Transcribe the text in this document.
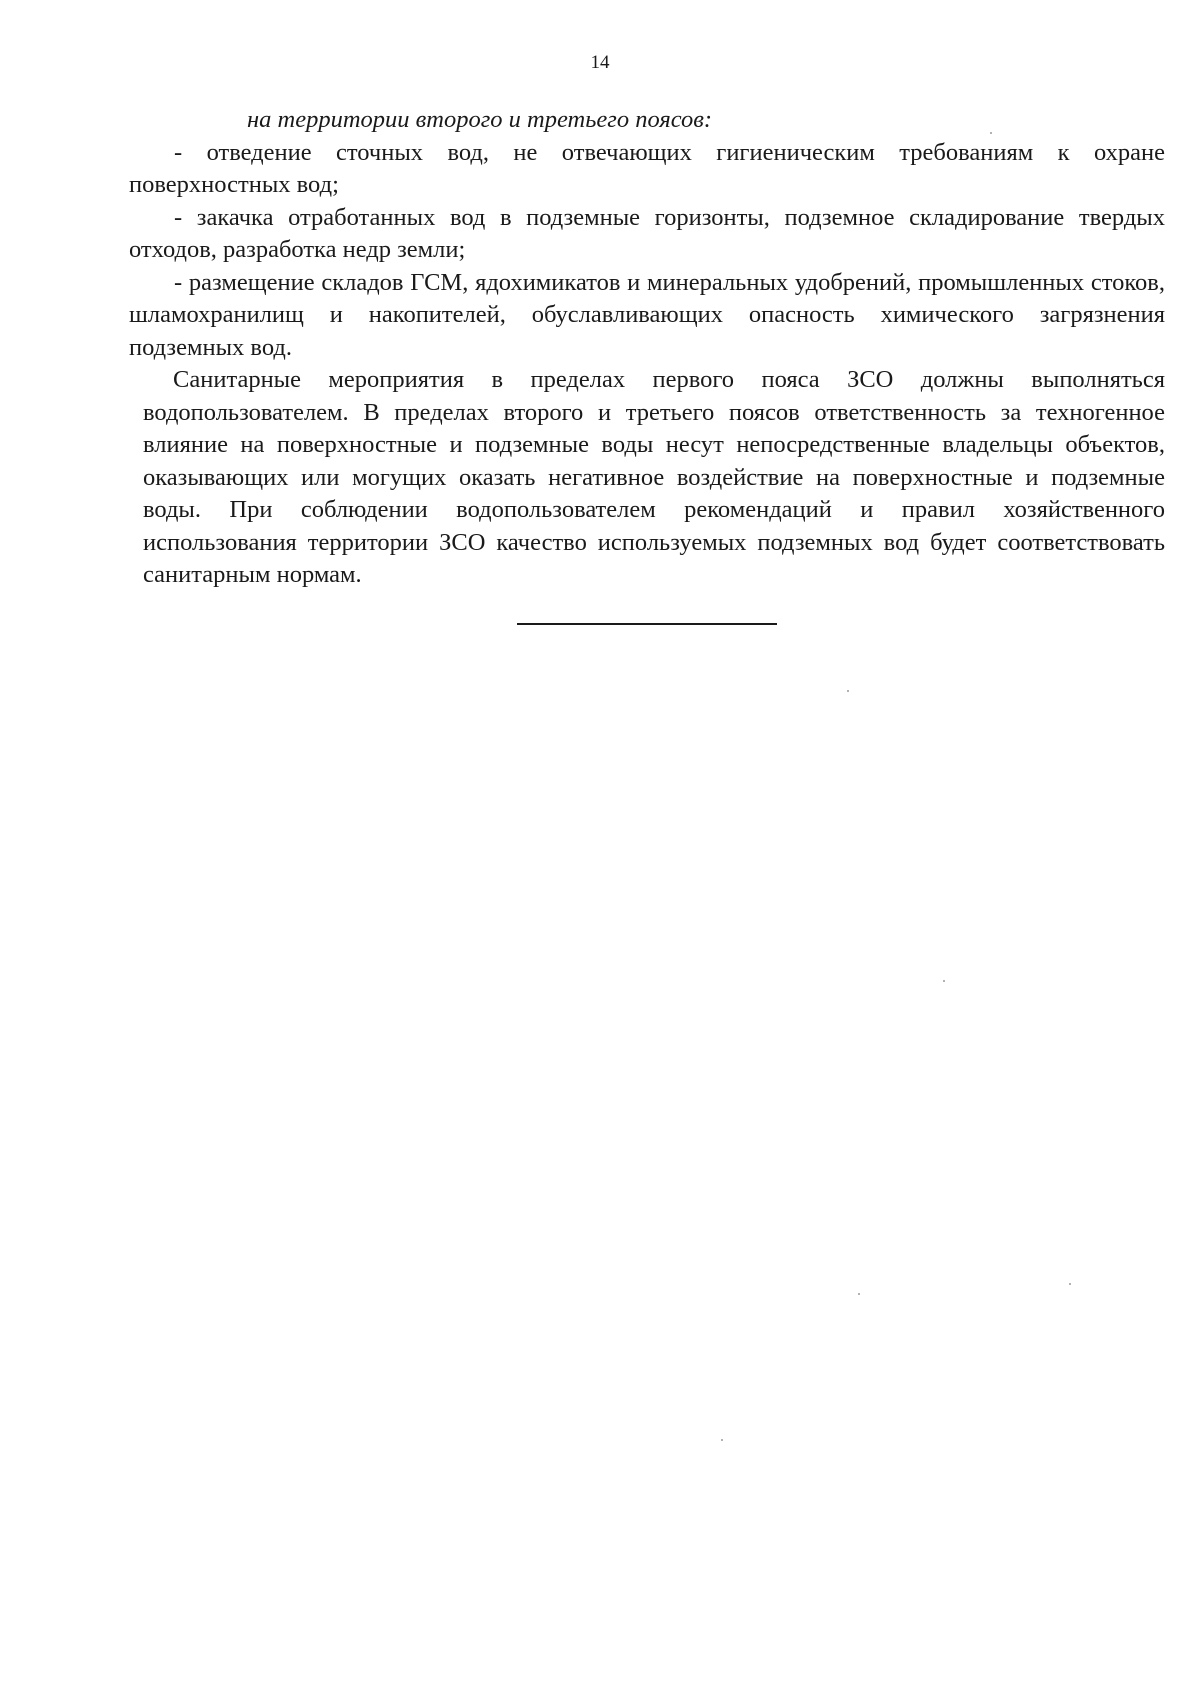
14

на территории второго и третьего поясов:

- отведение сточных вод, не отвечающих гигиеническим требованиям к охране поверхностных вод;

- закачка отработанных вод в подземные горизонты, подземное складирование твердых отходов, разработка недр земли;

- размещение складов ГСМ, ядохимикатов и минеральных удобрений, промышленных стоков, шламохранилищ и накопителей, обуславливающих опасность химического загрязнения подземных вод.

Санитарные мероприятия в пределах первого пояса ЗСО должны выполняться водопользователем. В пределах второго и третьего поясов ответственность за техногенное влияние на поверхностные и подземные воды несут непосредственные владельцы объектов, оказывающих или могущих оказать негативное воздействие на поверхностные и подземные воды. При соблюдении водопользователем рекомендаций и правил хозяйственного использования территории ЗСО качество используемых подземных вод будет соответствовать санитарным нормам.
